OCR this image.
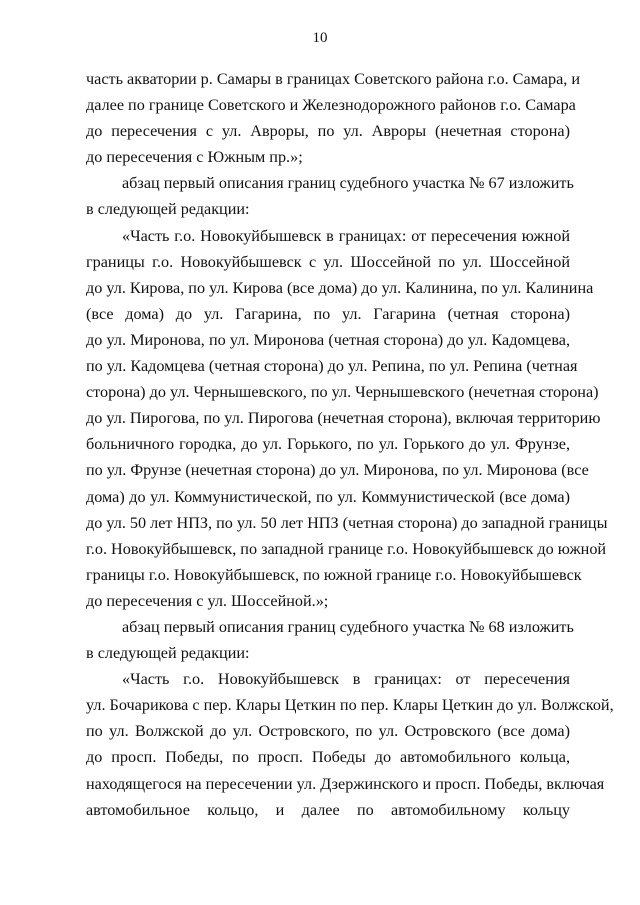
10
часть акватории р. Самары в границах Советского района г.о. Самара, и
далее по границе Советского и Железнодорожного районов г.о. Самара
до пересечения с ул. Авроры, по ул. Авроры (нечетная сторона)
до пересечения с Южным пр.»;
абзац первый описания границ судебного участка № 67 изложить
в следующей редакции:
«Часть г.о. Новокуйбышевск в границах: от пересечения южной
границы г.о. Новокуйбышевск с ул. Шоссейной по ул. Шоссейной
до ул. Кирова, по ул. Кирова (все дома) до ул. Калинина, по ул. Калинина
(все дома) до ул. Гагарина, по ул. Гагарина (четная сторона)
до ул. Миронова, по ул. Миронова (четная сторона) до ул. Кадомцева,
по ул. Кадомцева (четная сторона) до ул. Репина, по ул. Репина (четная
сторона) до ул. Чернышевского, по ул. Чернышевского (нечетная сторона)
до ул. Пирогова, по ул. Пирогова (нечетная сторона), включая территорию
больничного городка, до ул. Горького, по ул. Горького до ул. Фрунзе,
по ул. Фрунзе (нечетная сторона) до ул. Миронова, по ул. Миронова (все
дома) до ул. Коммунистической, по ул. Коммунистической (все дома)
до ул. 50 лет НПЗ, по ул. 50 лет НПЗ (четная сторона) до западной границы
г.о. Новокуйбышевск, по западной границе г.о. Новокуйбышевск до южной
границы г.о. Новокуйбышевск, по южной границе г.о. Новокуйбышевск
до пересечения с ул. Шоссейной.»;
абзац первый описания границ судебного участка № 68 изложить
в следующей редакции:
«Часть г.о. Новокуйбышевск в границах: от пересечения
ул. Бочарикова с пер. Клары Цеткин по пер. Клары Цеткин до ул. Волжской,
по ул. Волжской до ул. Островского, по ул. Островского (все дома)
до просп. Победы, по просп. Победы до автомобильного кольца,
находящегося на пересечении ул. Дзержинского и просп. Победы, включая
автомобильное кольцо, и далее по автомобильному кольцу
